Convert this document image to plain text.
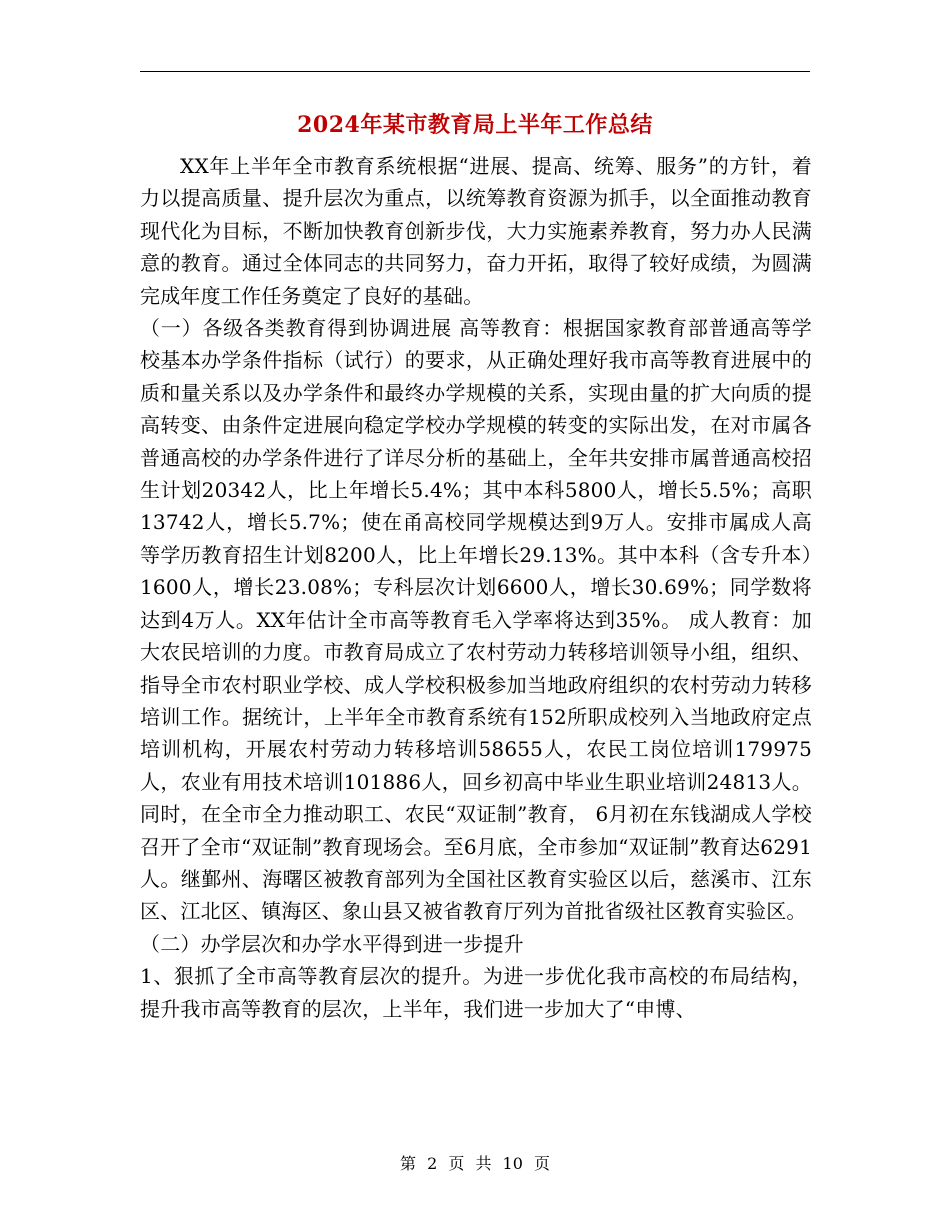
2024年某市教育局上半年工作总结

XX年上半年全市教育系统根据“进展、提高、统筹、服务”的方针，着力以提高质量、提升层次为重点，以统筹教育资源为抓手，以全面推动教育现代化为目标，不断加快教育创新步伐，大力实施素养教育，努力办人民满意的教育。通过全体同志的共同努力，奋力开拓，取得了较好成绩，为圆满完成年度工作任务奠定了良好的基础。

（一）各级各类教育得到协调进展 高等教育：根据国家教育部普通高等学校基本办学条件指标（试行）的要求，从正确处理好我市高等教育进展中的质和量关系以及办学条件和最终办学规模的关系，实现由量的扩大向质的提高转变、由条件定进展向稳定学校办学规模的转变的实际出发，在对市属各普通高校的办学条件进行了详尽分析的基础上，全年共安排市属普通高校招生计划20342人，比上年增长5.4%；其中本科5800人，增长5.5%；高职13742人，增长5.7%；使在甬高校同学规模达到9万人。安排市属成人高等学历教育招生计划8200人，比上年增长29.13%。其中本科（含专升本）1600人，增长23.08%；专科层次计划6600人，增长30.69%；同学数将达到4万人。XX年估计全市高等教育毛入学率将达到35%。 成人教育：加大农民培训的力度。市教育局成立了农村劳动力转移培训领导小组，组织、指导全市农村职业学校、成人学校积极参加当地政府组织的农村劳动力转移培训工作。据统计，上半年全市教育系统有152所职成校列入当地政府定点培训机构，开展农村劳动力转移培训58655人，农民工岗位培训179975人，农业有用技术培训101886人，回乡初高中毕业生职业培训24813人。同时，在全市全力推动职工、农民“双证制”教育， 6月初在东钱湖成人学校召开了全市“双证制”教育现场会。至6月底，全市参加“双证制”教育达6291人。继鄞州、海曙区被教育部列为全国社区教育实验区以后，慈溪市、江东区、江北区、镇海区、象山县又被省教育厅列为首批省级社区教育实验区。

（二）办学层次和办学水平得到进一步提升

1、狠抓了全市高等教育层次的提升。为进一步优化我市高校的布局结构，提升我市高等教育的层次，上半年，我们进一步加大了“申博、

第 2 页 共 10 页
